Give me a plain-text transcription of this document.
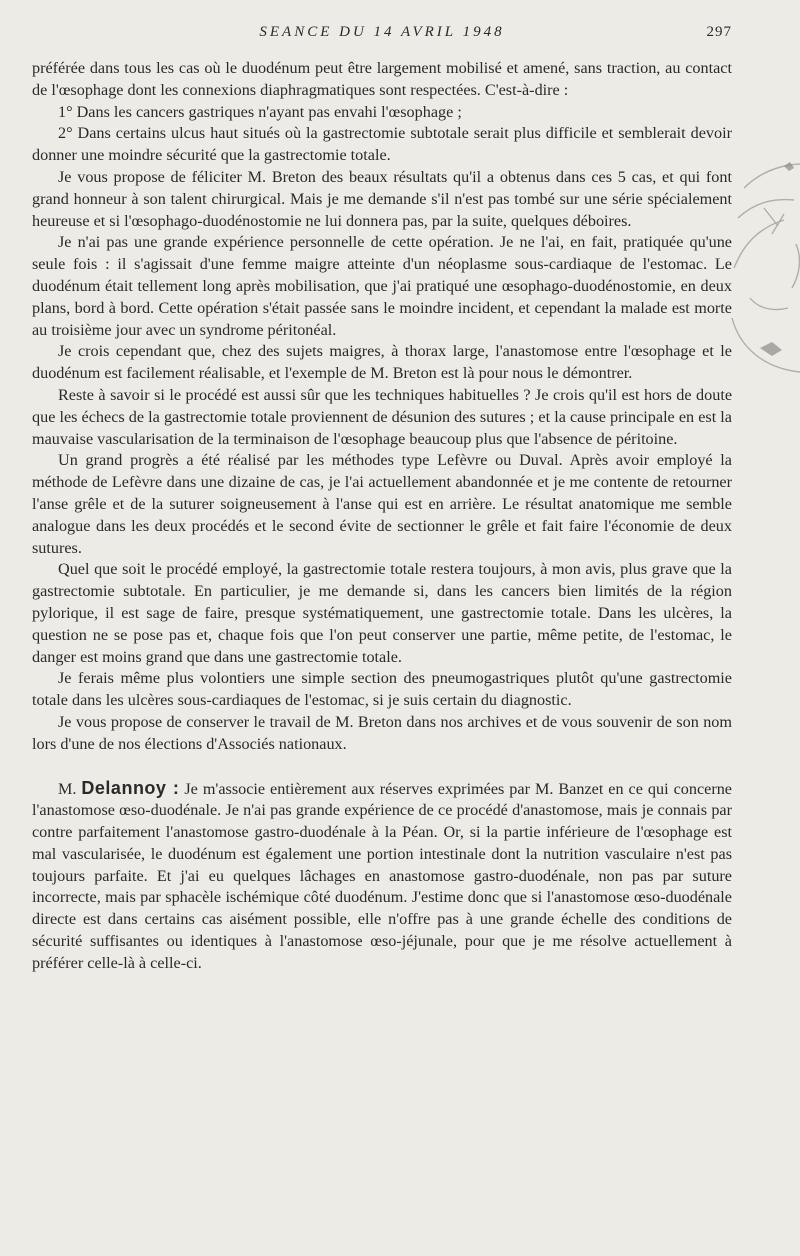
SEANCE DU 14 AVRIL 1948	297

préférée dans tous les cas où le duodénum peut être largement mobilisé et amené, sans traction, au contact de l'œsophage dont les connexions diaphragmatiques sont respectées. C'est-à-dire :

1° Dans les cancers gastriques n'ayant pas envahi l'œsophage ;

2° Dans certains ulcus haut situés où la gastrectomie subtotale serait plus difficile et semblerait devoir donner une moindre sécurité que la gastrectomie totale.

Je vous propose de féliciter M. Breton des beaux résultats qu'il a obtenus dans ces 5 cas, et qui font grand honneur à son talent chirurgical. Mais je me demande s'il n'est pas tombé sur une série spécialement heureuse et si l'œsophago-duodénostomie ne lui donnera pas, par la suite, quelques déboires.

Je n'ai pas une grande expérience personnelle de cette opération. Je ne l'ai, en fait, pratiquée qu'une seule fois : il s'agissait d'une femme maigre atteinte d'un néoplasme sous-cardiaque de l'estomac. Le duodénum était tellement long après mobilisation, que j'ai pratiqué une œsophago-duodénostomie, en deux plans, bord à bord. Cette opération s'était passée sans le moindre incident, et cependant la malade est morte au troisième jour avec un syndrome péritonéal.

Je crois cependant que, chez des sujets maigres, à thorax large, l'anastomose entre l'œsophage et le duodénum est facilement réalisable, et l'exemple de M. Breton est là pour nous le démontrer.

Reste à savoir si le procédé est aussi sûr que les techniques habituelles ? Je crois qu'il est hors de doute que les échecs de la gastrectomie totale proviennent de désunion des sutures ; et la cause principale en est la mauvaise vascularisation de la terminaison de l'œsophage beaucoup plus que l'absence de péritoine.

Un grand progrès a été réalisé par les méthodes type Lefèvre ou Duval. Après avoir employé la méthode de Lefèvre dans une dizaine de cas, je l'ai actuellement abandonnée et je me contente de retourner l'anse grêle et de la suturer soigneusement à l'anse qui est en arrière. Le résultat anatomique me semble analogue dans les deux procédés et le second évite de sectionner le grêle et fait faire l'économie de deux sutures.

Quel que soit le procédé employé, la gastrectomie totale restera toujours, à mon avis, plus grave que la gastrectomie subtotale. En particulier, je me demande si, dans les cancers bien limités de la région pylorique, il est sage de faire, presque systématiquement, une gastrectomie totale. Dans les ulcères, la question ne se pose pas et, chaque fois que l'on peut conserver une partie, même petite, de l'estomac, le danger est moins grand que dans une gastrectomie totale.

Je ferais même plus volontiers une simple section des pneumogastriques plutôt qu'une gastrectomie totale dans les ulcères sous-cardiaques de l'estomac, si je suis certain du diagnostic.

Je vous propose de conserver le travail de M. Breton dans nos archives et de vous souvenir de son nom lors d'une de nos élections d'Associés nationaux.

M. Delannoy : Je m'associe entièrement aux réserves exprimées par M. Banzet en ce qui concerne l'anastomose œso-duodénale. Je n'ai pas grande expérience de ce procédé d'anastomose, mais je connais par contre parfaitement l'anastomose gastro-duodénale à la Péan. Or, si la partie inférieure de l'œsophage est mal vascularisée, le duodénum est également une portion intestinale dont la nutrition vasculaire n'est pas toujours parfaite. Et j'ai eu quelques lâchages en anastomose gastro-duodénale, non pas par suture incorrecte, mais par sphacèle ischémique côté duodénum. J'estime donc que si l'anastomose œso-duodénale directe est dans certains cas aisément possible, elle n'offre pas à une grande échelle des conditions de sécurité suffisantes ou identiques à l'anastomose œso-jéjunale, pour que je me résolve actuellement à préférer celle-là à celle-ci.
